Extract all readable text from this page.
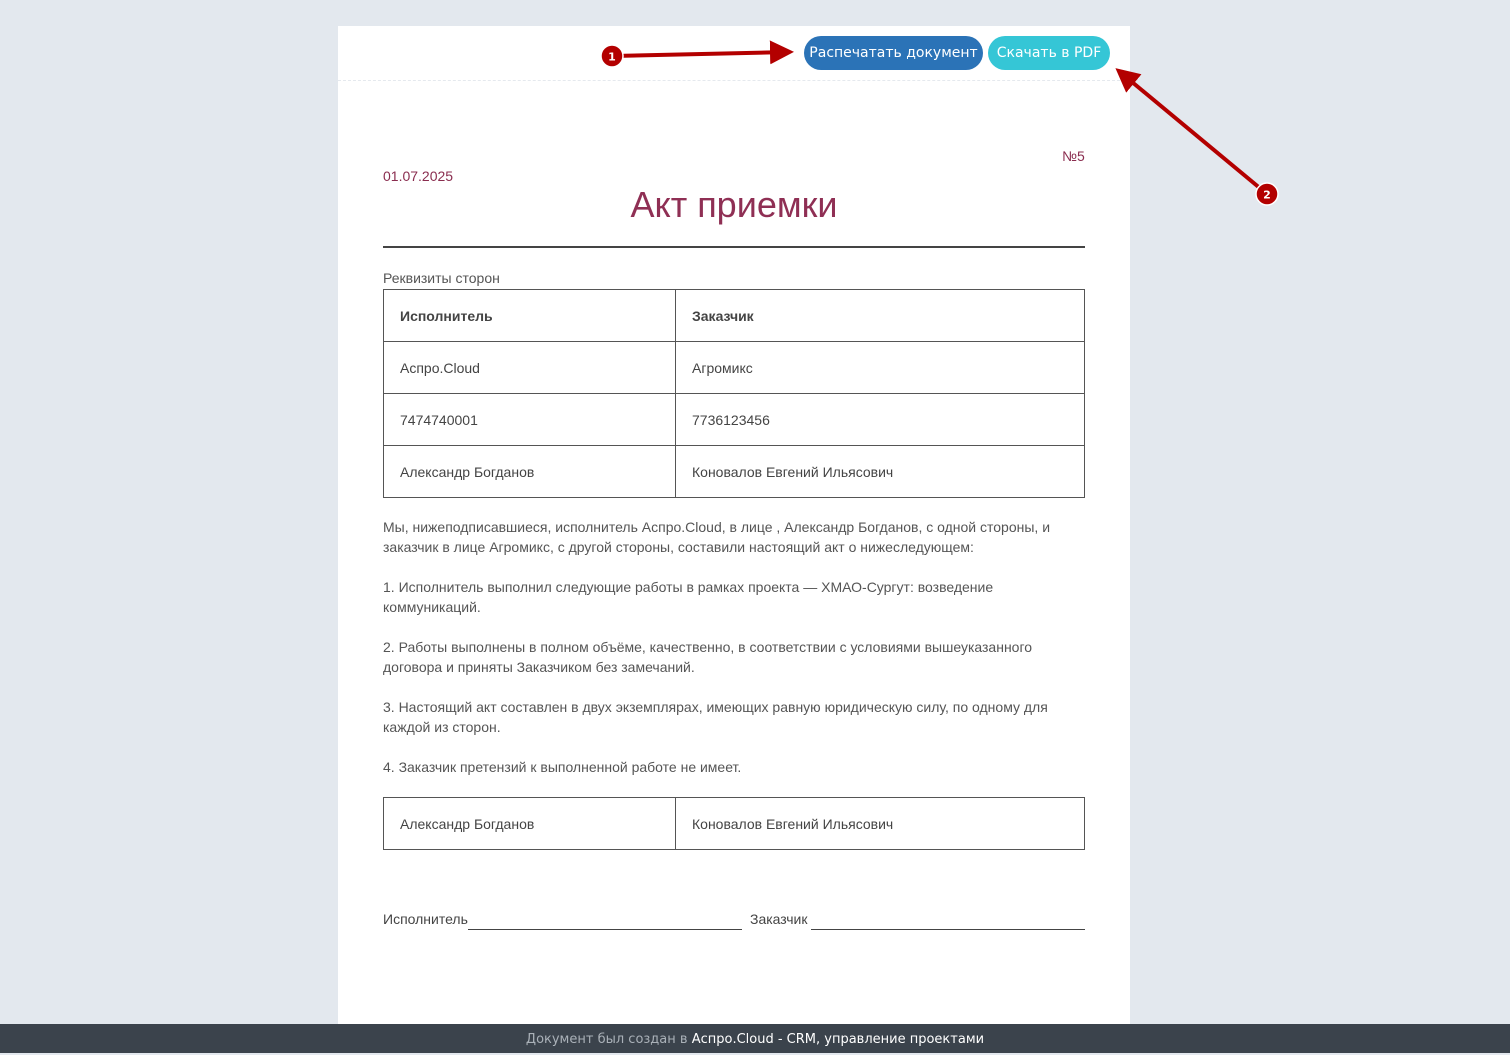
Распечатать документ	Скачать в PDF
№5
01.07.2025
Акт приемки
Реквизиты сторон
Исполнитель	Заказчик
Аспро.Cloud	Агромикс
7474740001	7736123456
Александр Богданов	Коновалов Евгений Ильясович

Мы, нижеподписавшиеся, исполнитель Аспро.Cloud, в лице , Александр Богданов, с одной стороны, и заказчик в лице Агромикс, с другой стороны, составили настоящий акт о нижеследующем:

1. Исполнитель выполнил следующие работы в рамках проекта — ХМАО-Сургут: возведение коммуникаций.

2. Работы выполнены в полном объёме, качественно, в соответствии с условиями вышеуказанного договора и приняты Заказчиком без замечаний.

3. Настоящий акт составлен в двух экземплярах, имеющих равную юридическую силу, по одному для каждой из сторон.

4. Заказчик претензий к выполненной работе не имеет.

Александр Богданов	Коновалов Евгений Ильясович
Исполнитель	Заказчик
1
2
Документ был создан в Аспро.Cloud - CRM, управление проектами
